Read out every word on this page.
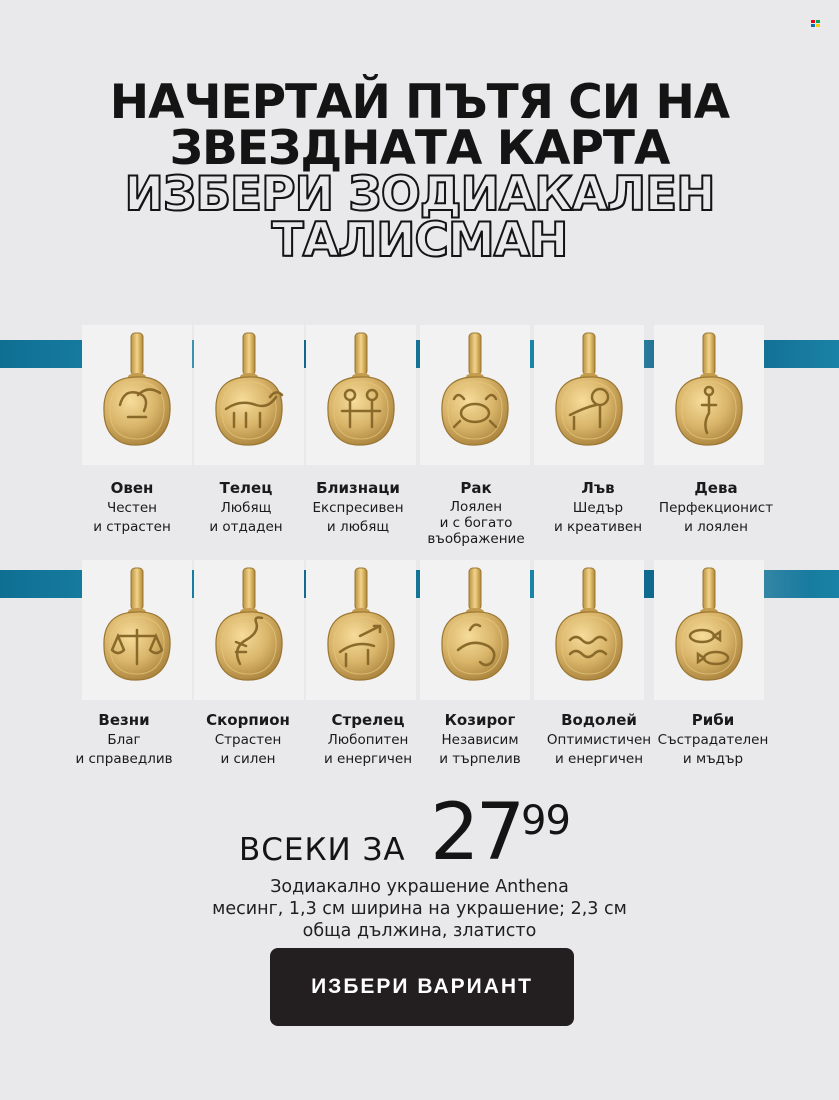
НАЧЕРТАЙ ПЪТЯ СИ НА
ЗВЕЗДНАТА КАРТА
ИЗБЕРИ ЗОДИАКАЛЕН
ТАЛИСМАН
Овен
Честен
и страстен
Телец
Любящ
и отдаден
Близнаци
Експресивен
и любящ
Рак
Лоялен
и с богато
въображение
Лъв
Шедър
и креативен
Дева
Перфекционист
и лоялен
Везни
Благ
и справедлив
Скорпион
Страстен
и силен
Стрелец
Любопитен
и енергичен
Козирог
Независим
и търпелив
Водолей
Оптимистичен
и енергичен
Риби
Състрадателен
и мъдър
ВСЕКИ ЗА 27 99
Зодиакално украшение Anthena
месинг, 1,3 см ширина на украшение; 2,3 см
обща дължина, златисто
ИЗБЕРИ ВАРИАНТ
